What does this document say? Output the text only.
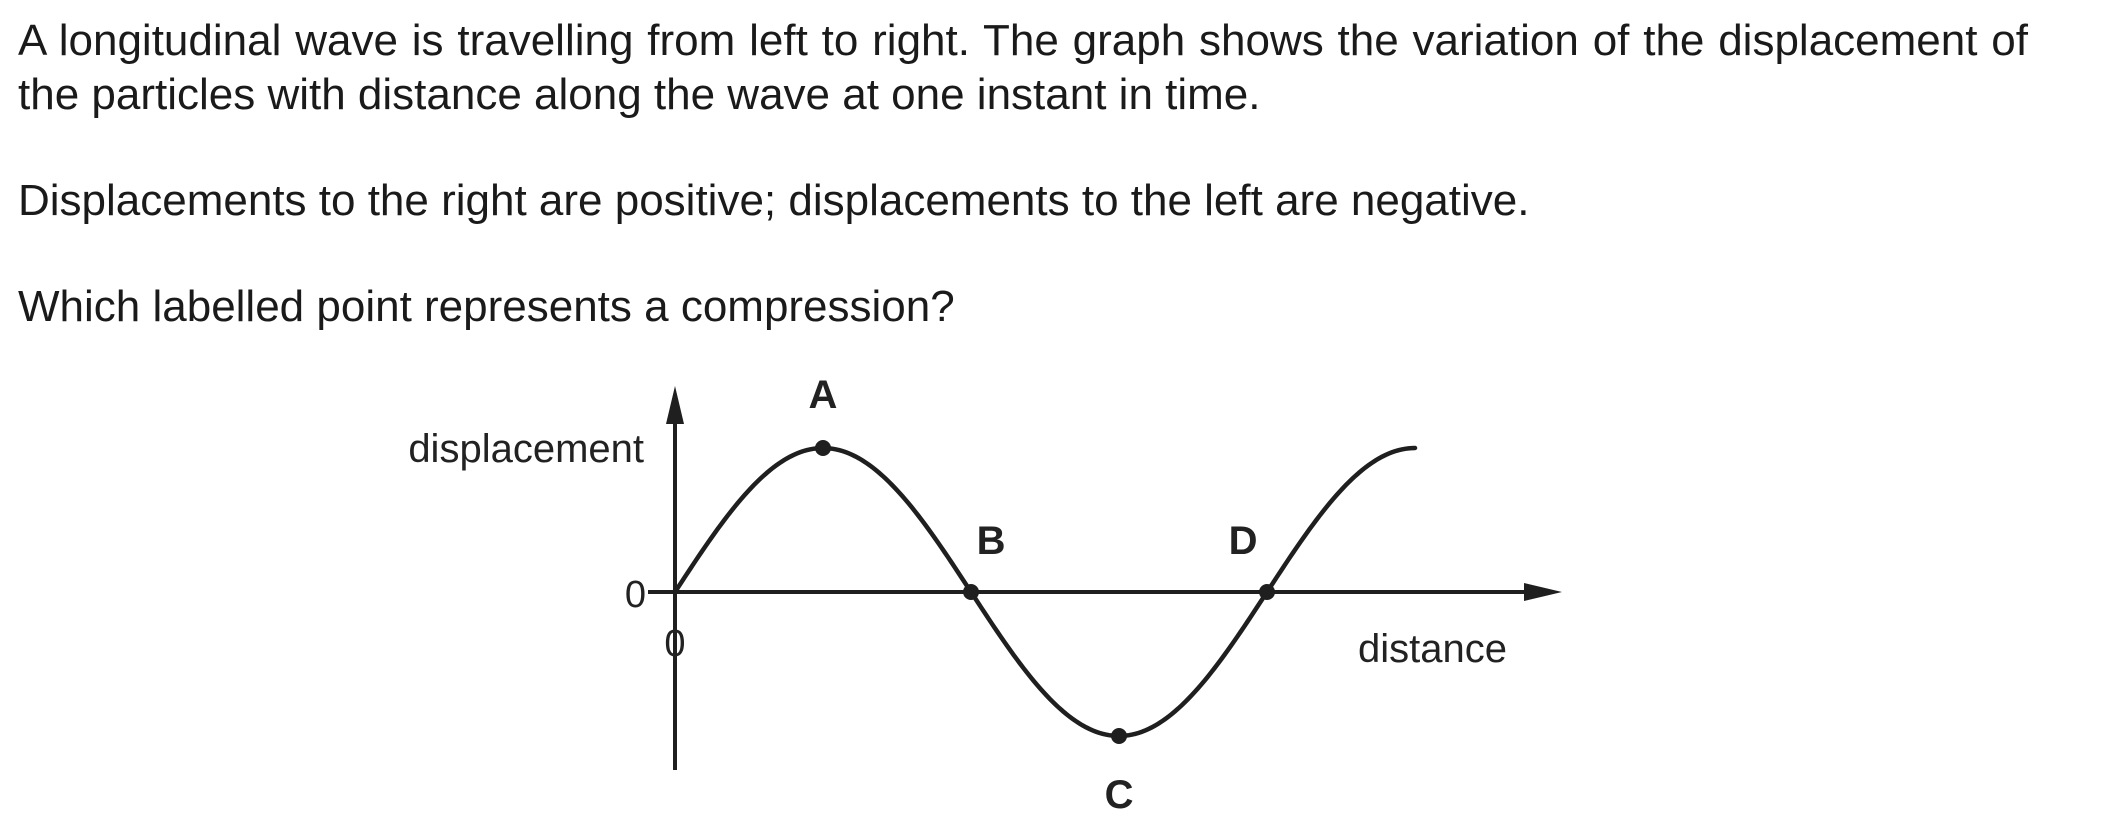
A longitudinal wave is travelling from left to right. The graph shows the variation of the displacement of the particles with distance along the wave at one instant in time.

Displacements to the right are positive; displacements to the left are negative.

Which labelled point represents a compression?

displacement
distance
0
0
A
B
C
D
